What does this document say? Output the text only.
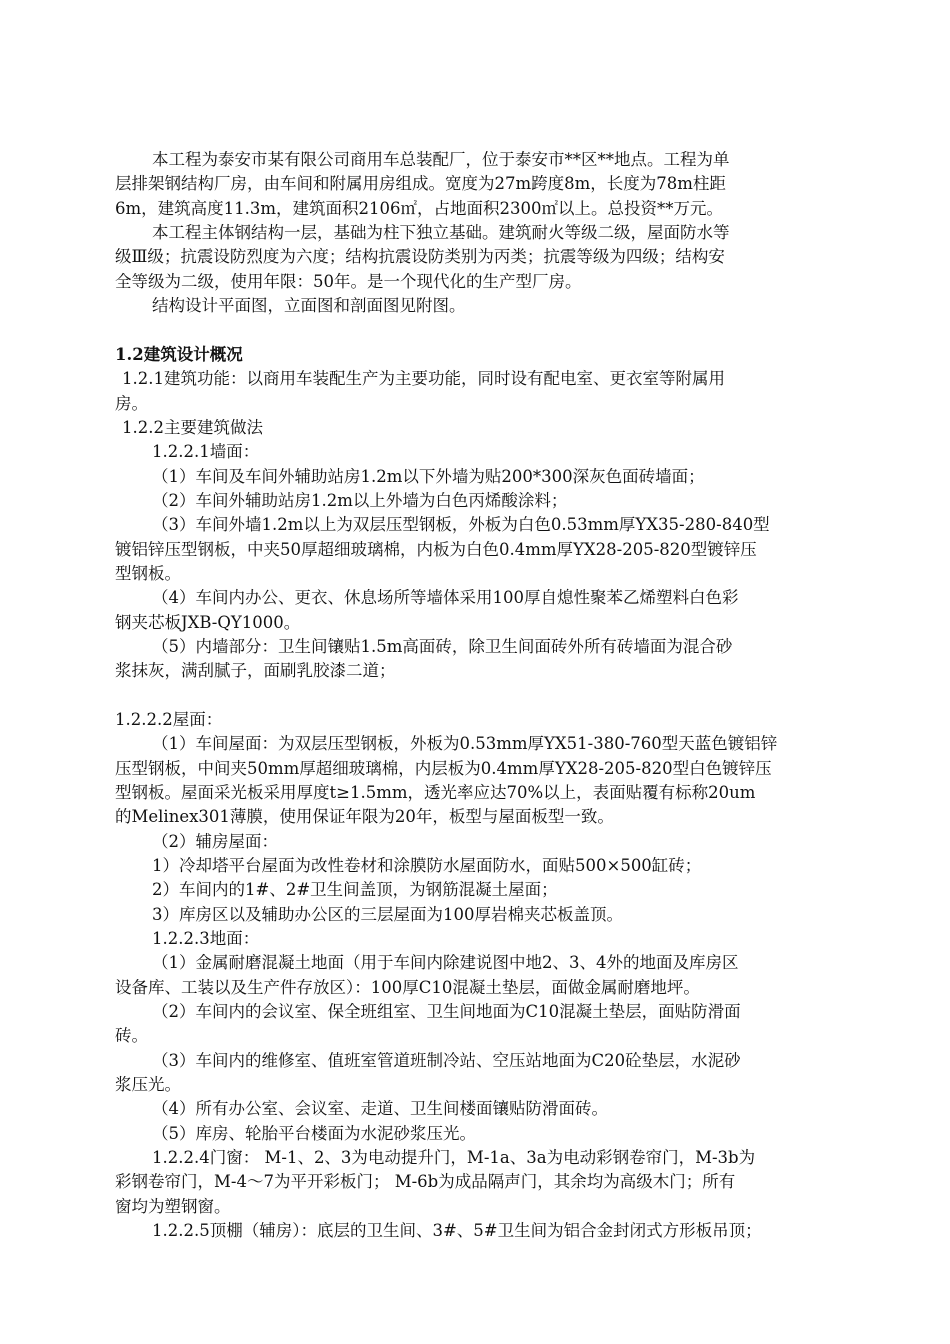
本工程为泰安市某有限公司商用车总装配厂，位于泰安市**区**地点。工程为单
层排架钢结构厂房，由车间和附属用房组成。宽度为27m跨度8m，长度为78m柱距
6m，建筑高度11.3m，建筑面积2106㎡，占地面积2300㎡以上。总投资**万元。
本工程主体钢结构一层，基础为柱下独立基础。建筑耐火等级二级，屋面防水等
级Ⅲ级；抗震设防烈度为六度；结构抗震设防类别为丙类；抗震等级为四级；结构安
全等级为二级，使用年限：50年。是一个现代化的生产型厂房。
结构设计平面图，立面图和剖面图见附图。
1.2建筑设计概况
1.2.1建筑功能：以商用车装配生产为主要功能，同时设有配电室、更衣室等附属用
房。
1.2.2主要建筑做法
1.2.2.1墙面：
（1）车间及车间外辅助站房1.2m以下外墙为贴200*300深灰色面砖墙面；
（2）车间外辅助站房1.2m以上外墙为白色丙烯酸涂料；
（3）车间外墙1.2m以上为双层压型钢板，外板为白色0.53mm厚YX35-280-840型
镀铝锌压型钢板，中夹50厚超细玻璃棉，内板为白色0.4mm厚YX28-205-820型镀锌压
型钢板。
（4）车间内办公、更衣、休息场所等墙体采用100厚自熄性聚苯乙烯塑料白色彩
钢夹芯板JXB-QY1000。
（5）内墙部分：卫生间镶贴1.5m高面砖，除卫生间面砖外所有砖墙面为混合砂
浆抹灰，满刮腻子，面刷乳胶漆二道；
1.2.2.2屋面：
（1）车间屋面：为双层压型钢板，外板为0.53mm厚YX51-380-760型天蓝色镀铝锌
压型钢板，中间夹50mm厚超细玻璃棉，内层板为0.4mm厚YX28-205-820型白色镀锌压
型钢板。屋面采光板采用厚度t≥1.5mm，透光率应达70%以上，表面贴覆有标称20um
的Melinex301薄膜，使用保证年限为20年，板型与屋面板型一致。
（2）辅房屋面：
1）冷却塔平台屋面为改性卷材和涂膜防水屋面防水，面贴500×500缸砖；
2）车间内的1#、2#卫生间盖顶，为钢筋混凝土屋面；
3）库房区以及辅助办公区的三层屋面为100厚岩棉夹芯板盖顶。
1.2.2.3地面：
（1）金属耐磨混凝土地面（用于车间内除建说图中地2、3、4外的地面及库房区
设备库、工装以及生产件存放区）：100厚C10混凝土垫层，面做金属耐磨地坪。
（2）车间内的会议室、保全班组室、卫生间地面为C10混凝土垫层，面贴防滑面
砖。
（3）车间内的维修室、值班室管道班制冷站、空压站地面为C20砼垫层，水泥砂
浆压光。
（4）所有办公室、会议室、走道、卫生间楼面镶贴防滑面砖。
（5）库房、轮胎平台楼面为水泥砂浆压光。
1.2.2.4门窗： M-1、2、3为电动提升门，M-1a、3a为电动彩钢卷帘门，M-3b为
彩钢卷帘门，M-4～7为平开彩板门； M-6b为成品隔声门，其余均为高级木门；所有
窗均为塑钢窗。
1.2.2.5顶棚（辅房）：底层的卫生间、3#、5#卫生间为铝合金封闭式方形板吊顶；
